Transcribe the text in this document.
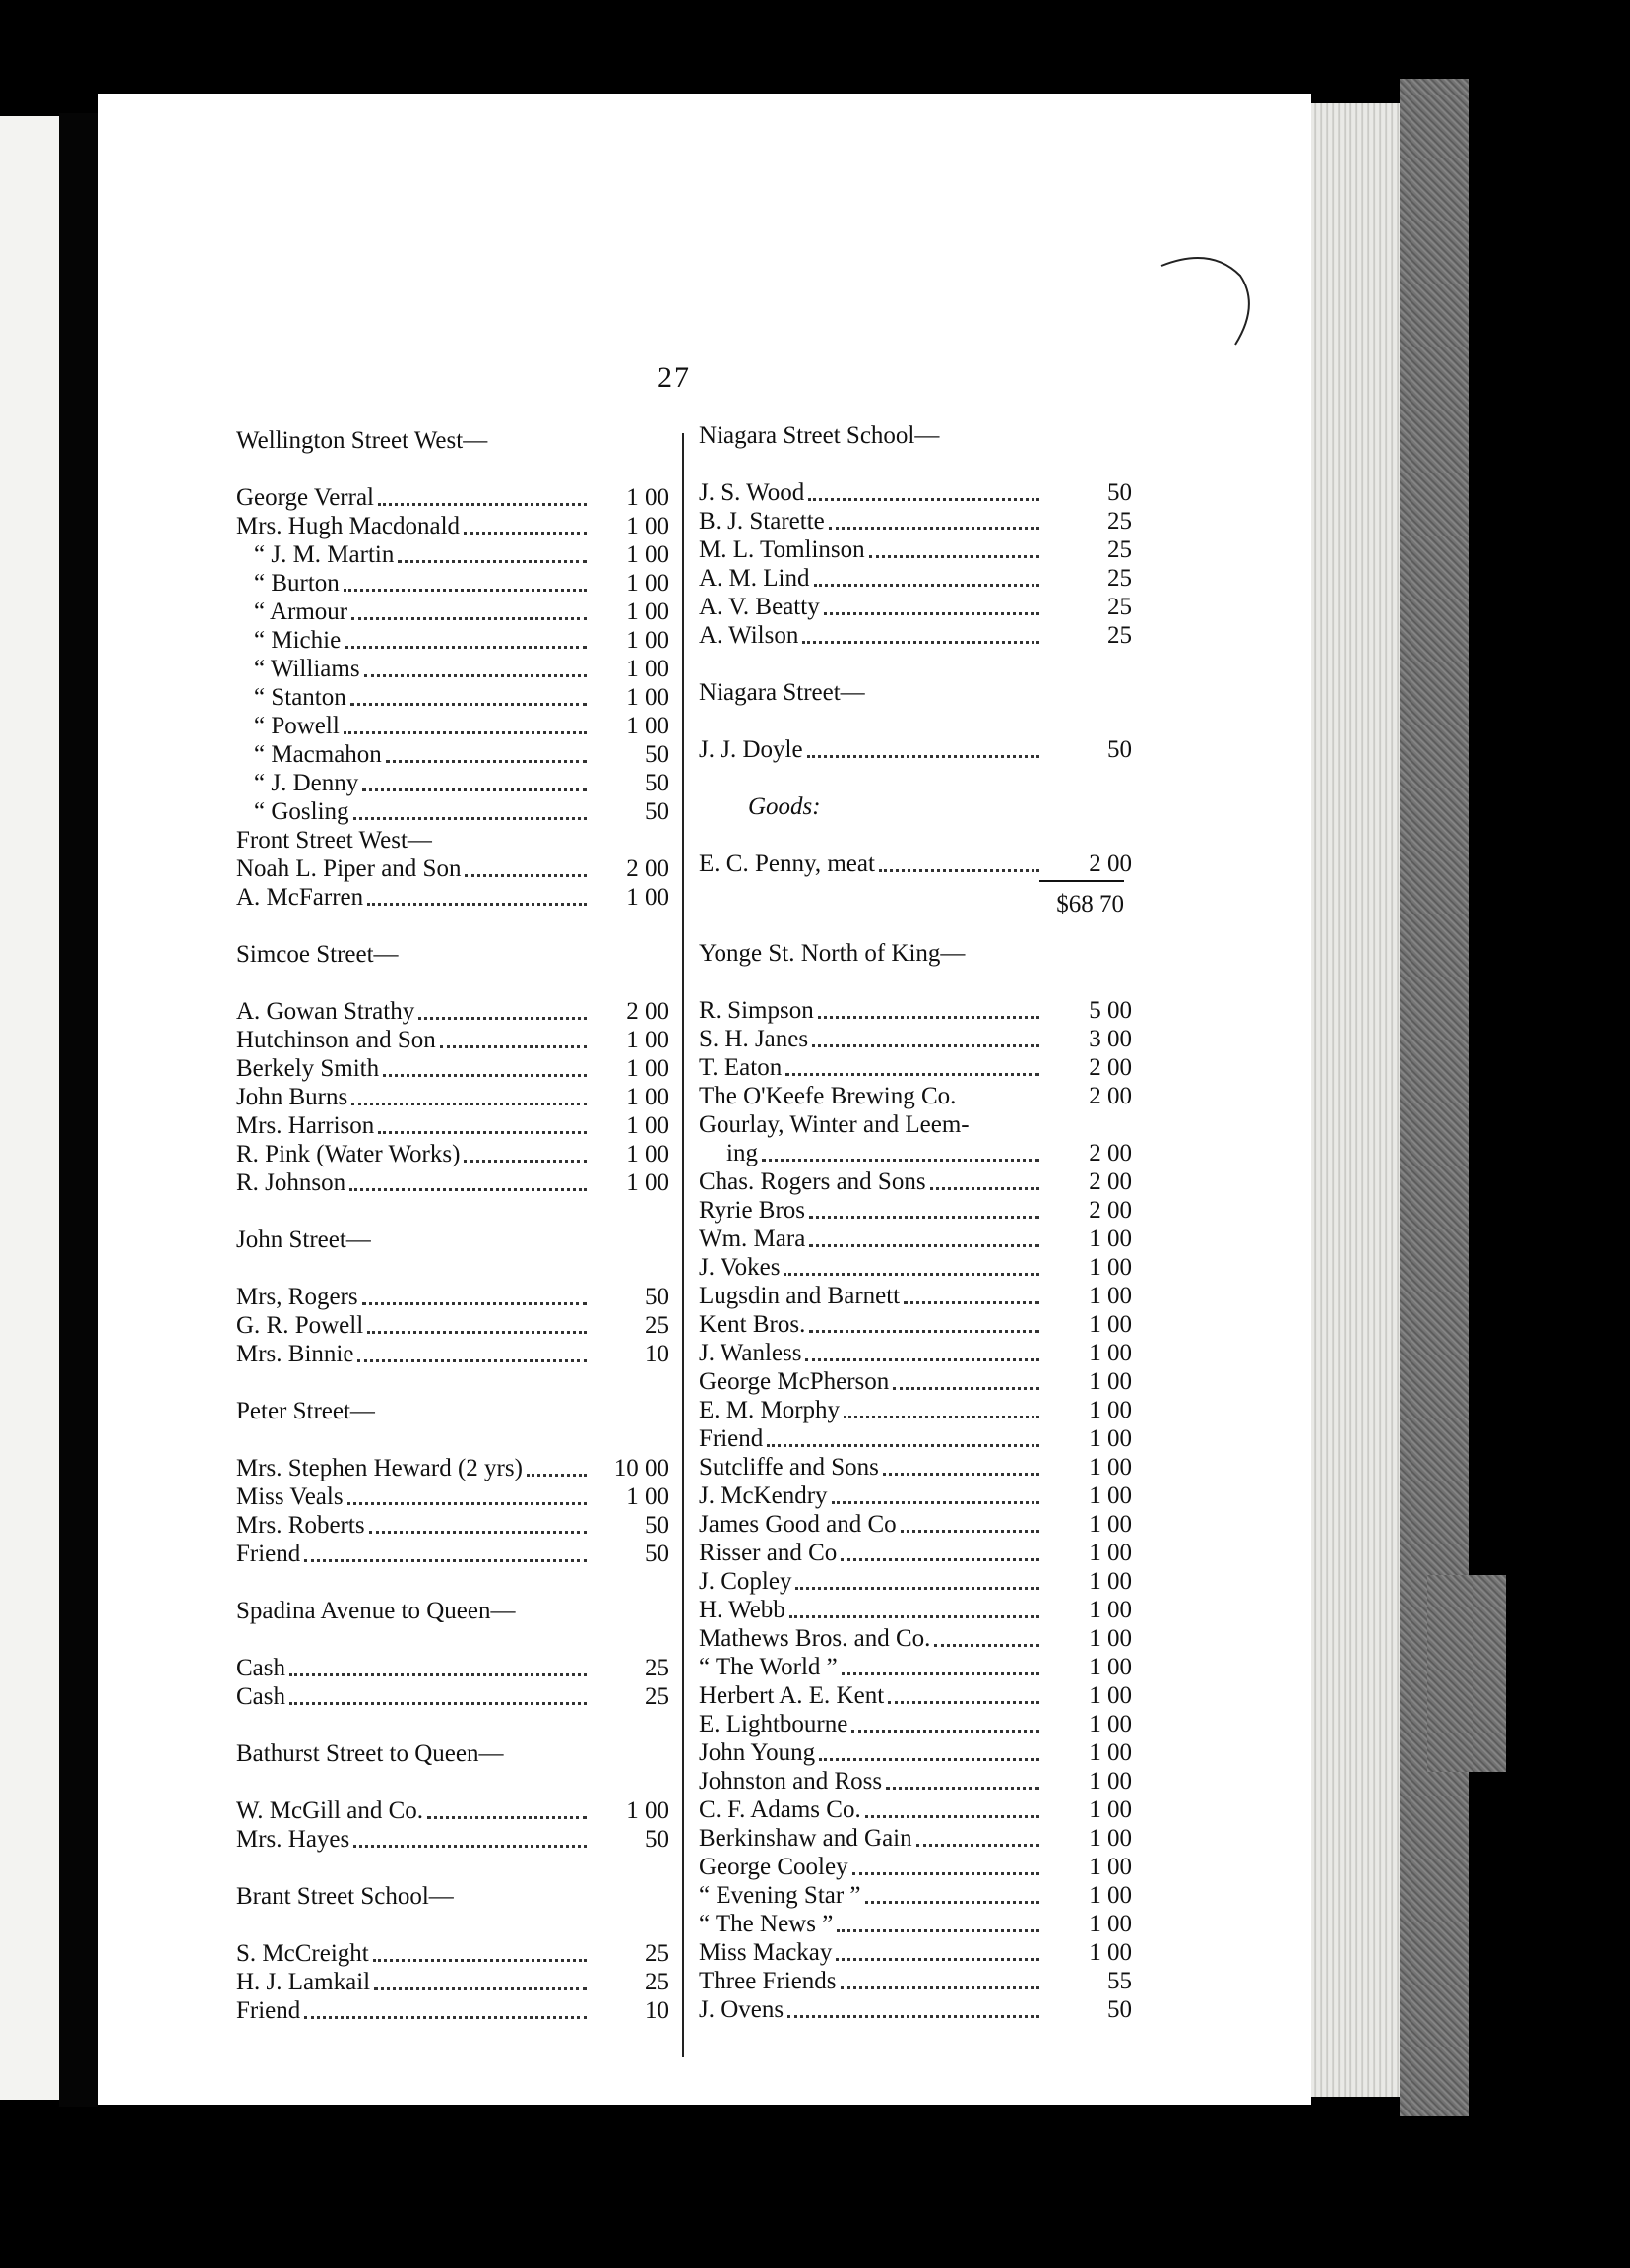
27
Wellington Street West—
George Verral	1 00
Mrs. Hugh Macdonald	1 00
“ J. M. Martin	1 00
“ Burton	1 00
“ Armour	1 00
“ Michie	1 00
“ Williams	1 00
“ Stanton	1 00
“ Powell	1 00
“ Macmahon	50
“ J. Denny	50
“ Gosling	50
Front Street West—
Noah L. Piper and Son	2 00
A. McFarren	1 00
Simcoe Street—
A. Gowan Strathy	2 00
Hutchinson and Son	1 00
Berkely Smith	1 00
John Burns	1 00
Mrs. Harrison	1 00
R. Pink (Water Works)	1 00
R. Johnson	1 00
John Street—
Mrs, Rogers	50
G. R. Powell	25
Mrs. Binnie	10
Peter Street—
Mrs. Stephen Heward (2 yrs)	10 00
Miss Veals	1 00
Mrs. Roberts	50
Friend	50
Spadina Avenue to Queen—
Cash	25
Cash	25
Bathurst Street to Queen—
W. McGill and Co.	1 00
Mrs. Hayes	50
Brant Street School—
S. McCreight	25
H. J. Lamkail	25
Friend	10
Niagara Street School—
J. S. Wood	50
B. J. Starette	25
M. L. Tomlinson	25
A. M. Lind	25
A. V. Beatty	25
A. Wilson	25
Niagara Street—
J. J. Doyle	50
Goods:
E. C. Penny, meat	2 00
$68 70
Yonge St. North of King—
R. Simpson	5 00
S. H. Janes	3 00
T. Eaton	2 00
The O'Keefe Brewing Co.	2 00
Gourlay, Winter and Leem-
ing	2 00
Chas. Rogers and Sons	2 00
Ryrie Bros	2 00
Wm. Mara	1 00
J. Vokes	1 00
Lugsdin and Barnett	1 00
Kent Bros.	1 00
J. Wanless	1 00
George McPherson	1 00
E. M. Morphy	1 00
Friend	1 00
Sutcliffe and Sons	1 00
J. McKendry	1 00
James Good and Co	1 00
Risser and Co	1 00
J. Copley	1 00
H. Webb	1 00
Mathews Bros. and Co.	1 00
“ The World ”	1 00
Herbert A. E. Kent	1 00
E. Lightbourne	1 00
John Young	1 00
Johnston and Ross	1 00
C. F. Adams Co.	1 00
Berkinshaw and Gain	1 00
George Cooley	1 00
“ Evening Star ”	1 00
“ The News ”	1 00
Miss Mackay	1 00
Three Friends	55
J. Ovens	50
